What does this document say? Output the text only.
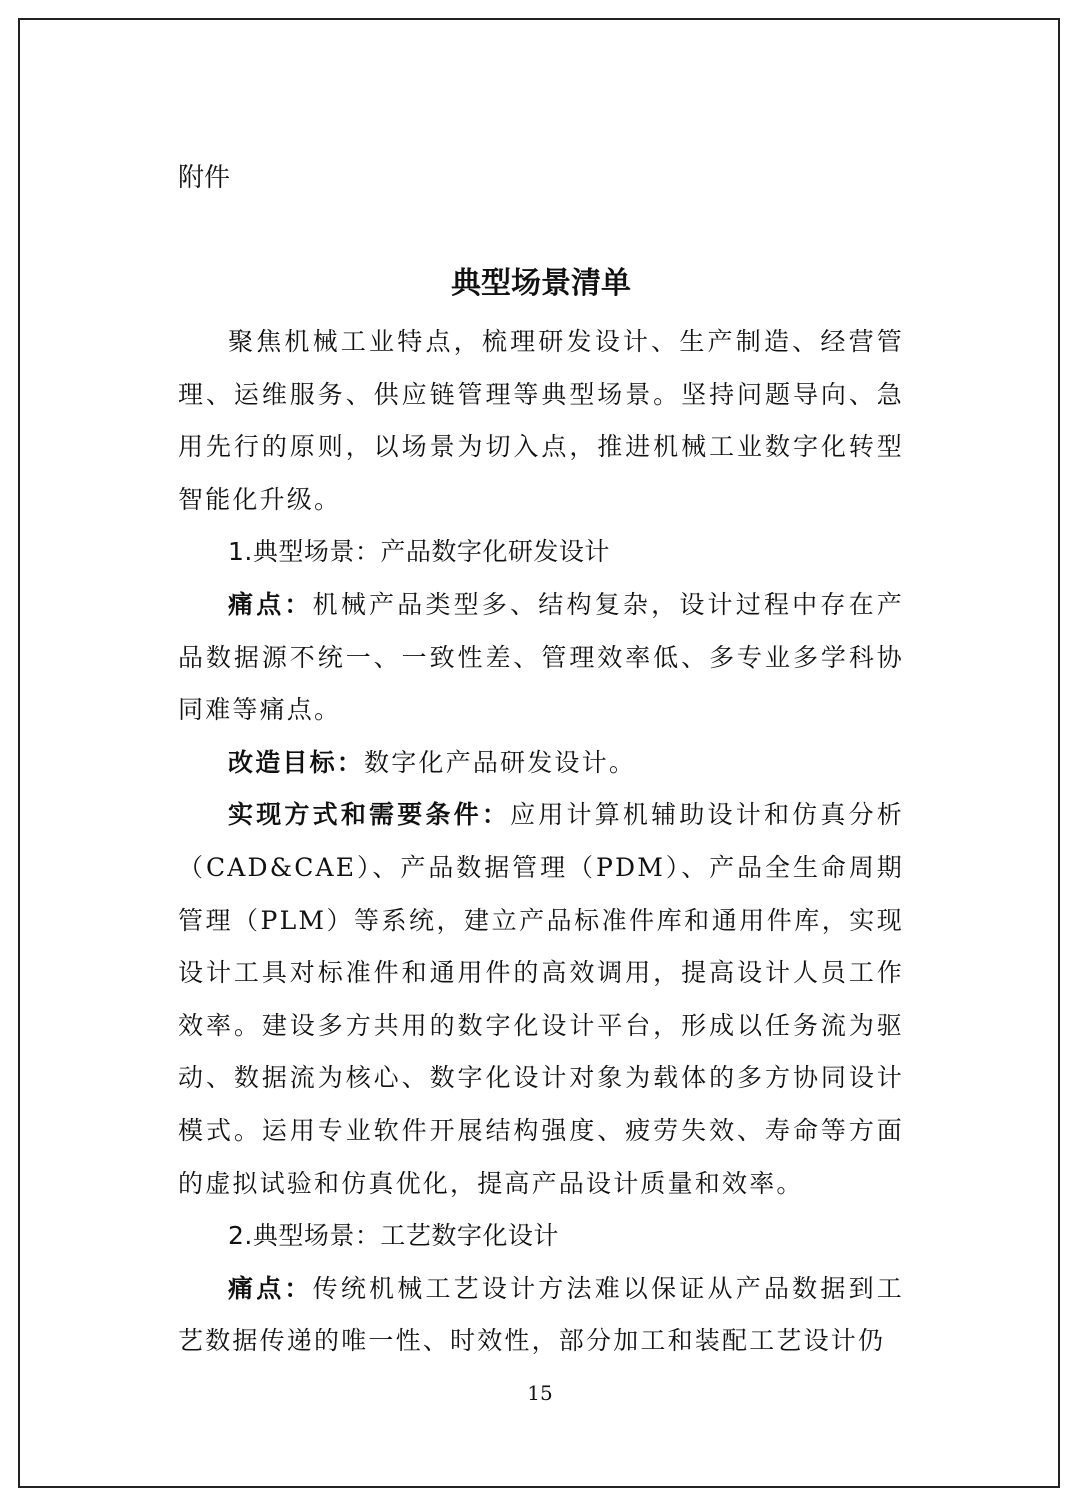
附件
典型场景清单

聚焦机械工业特点，梳理研发设计、生产制造、经营管理、运维服务、供应链管理等典型场景。坚持问题导向、急用先行的原则，以场景为切入点，推进机械工业数字化转型智能化升级。

1.典型场景：产品数字化研发设计

痛点：机械产品类型多、结构复杂，设计过程中存在产品数据源不统一、一致性差、管理效率低、多专业多学科协同难等痛点。

改造目标：数字化产品研发设计。

实现方式和需要条件：应用计算机辅助设计和仿真分析（CAD&CAE）、产品数据管理（PDM）、产品全生命周期管理（PLM）等系统，建立产品标准件库和通用件库，实现设计工具对标准件和通用件的高效调用，提高设计人员工作效率。建设多方共用的数字化设计平台，形成以任务流为驱动、数据流为核心、数字化设计对象为载体的多方协同设计模式。运用专业软件开展结构强度、疲劳失效、寿命等方面的虚拟试验和仿真优化，提高产品设计质量和效率。

2.典型场景：工艺数字化设计

痛点：传统机械工艺设计方法难以保证从产品数据到工艺数据传递的唯一性、时效性，部分加工和装配工艺设计仍

15
